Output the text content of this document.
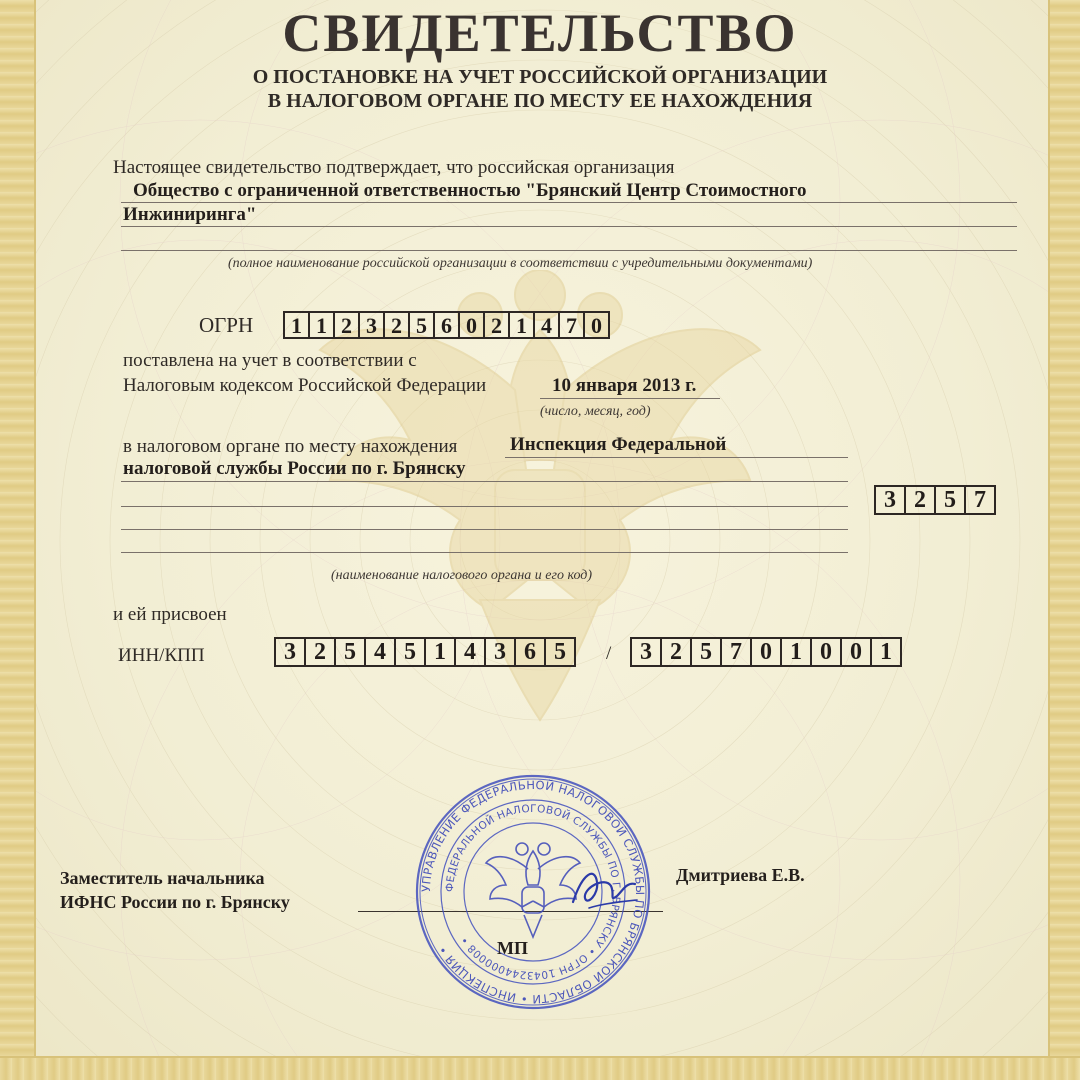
СВИДЕТЕЛЬСТВО
О ПОСТАНОВКЕ НА УЧЕТ РОССИЙСКОЙ ОРГАНИЗАЦИИ
В НАЛОГОВОМ ОРГАНЕ ПО МЕСТУ ЕЕ НАХОЖДЕНИЯ
Настоящее свидетельство подтверждает, что российская организация
Общество с ограниченной ответственностью "Брянский Центр Стоимостного
Инжиниринга"
(полное наименование российской организации в соответствии с учредительными документами)
ОГРН 1 1 2 3 2 5 6 0 2 1 4 7 0
поставлена на учет в соответствии с
Налоговым кодексом Российской Федерации	10 января 2013 г.
(число, месяц, год)
в налоговом органе по месту нахождения	Инспекция Федеральной
налоговой службы России по г. Брянску
3 2 5 7
(наименование налогового органа и его код)
и ей присвоен
ИНН/КПП	3 2 5 4 5 1 4 3 6 5	/	3 2 5 7 0 1 0 0 1
Заместитель начальника
ИФНС России по г. Брянску
Дмитриева Е.В.
УПРАВЛЕНИЕ ФЕДЕРАЛЬНОЙ НАЛОГОВОЙ СЛУЖБЫ ПО БРЯНСКОЙ ОБЛАСТИ • ИНСПЕКЦИЯ •
ФЕДЕРАЛЬНОЙ НАЛОГОВОЙ СЛУЖБЫ ПО Г. БРЯНСКУ • ОГРН 1043244000008 •	МП
